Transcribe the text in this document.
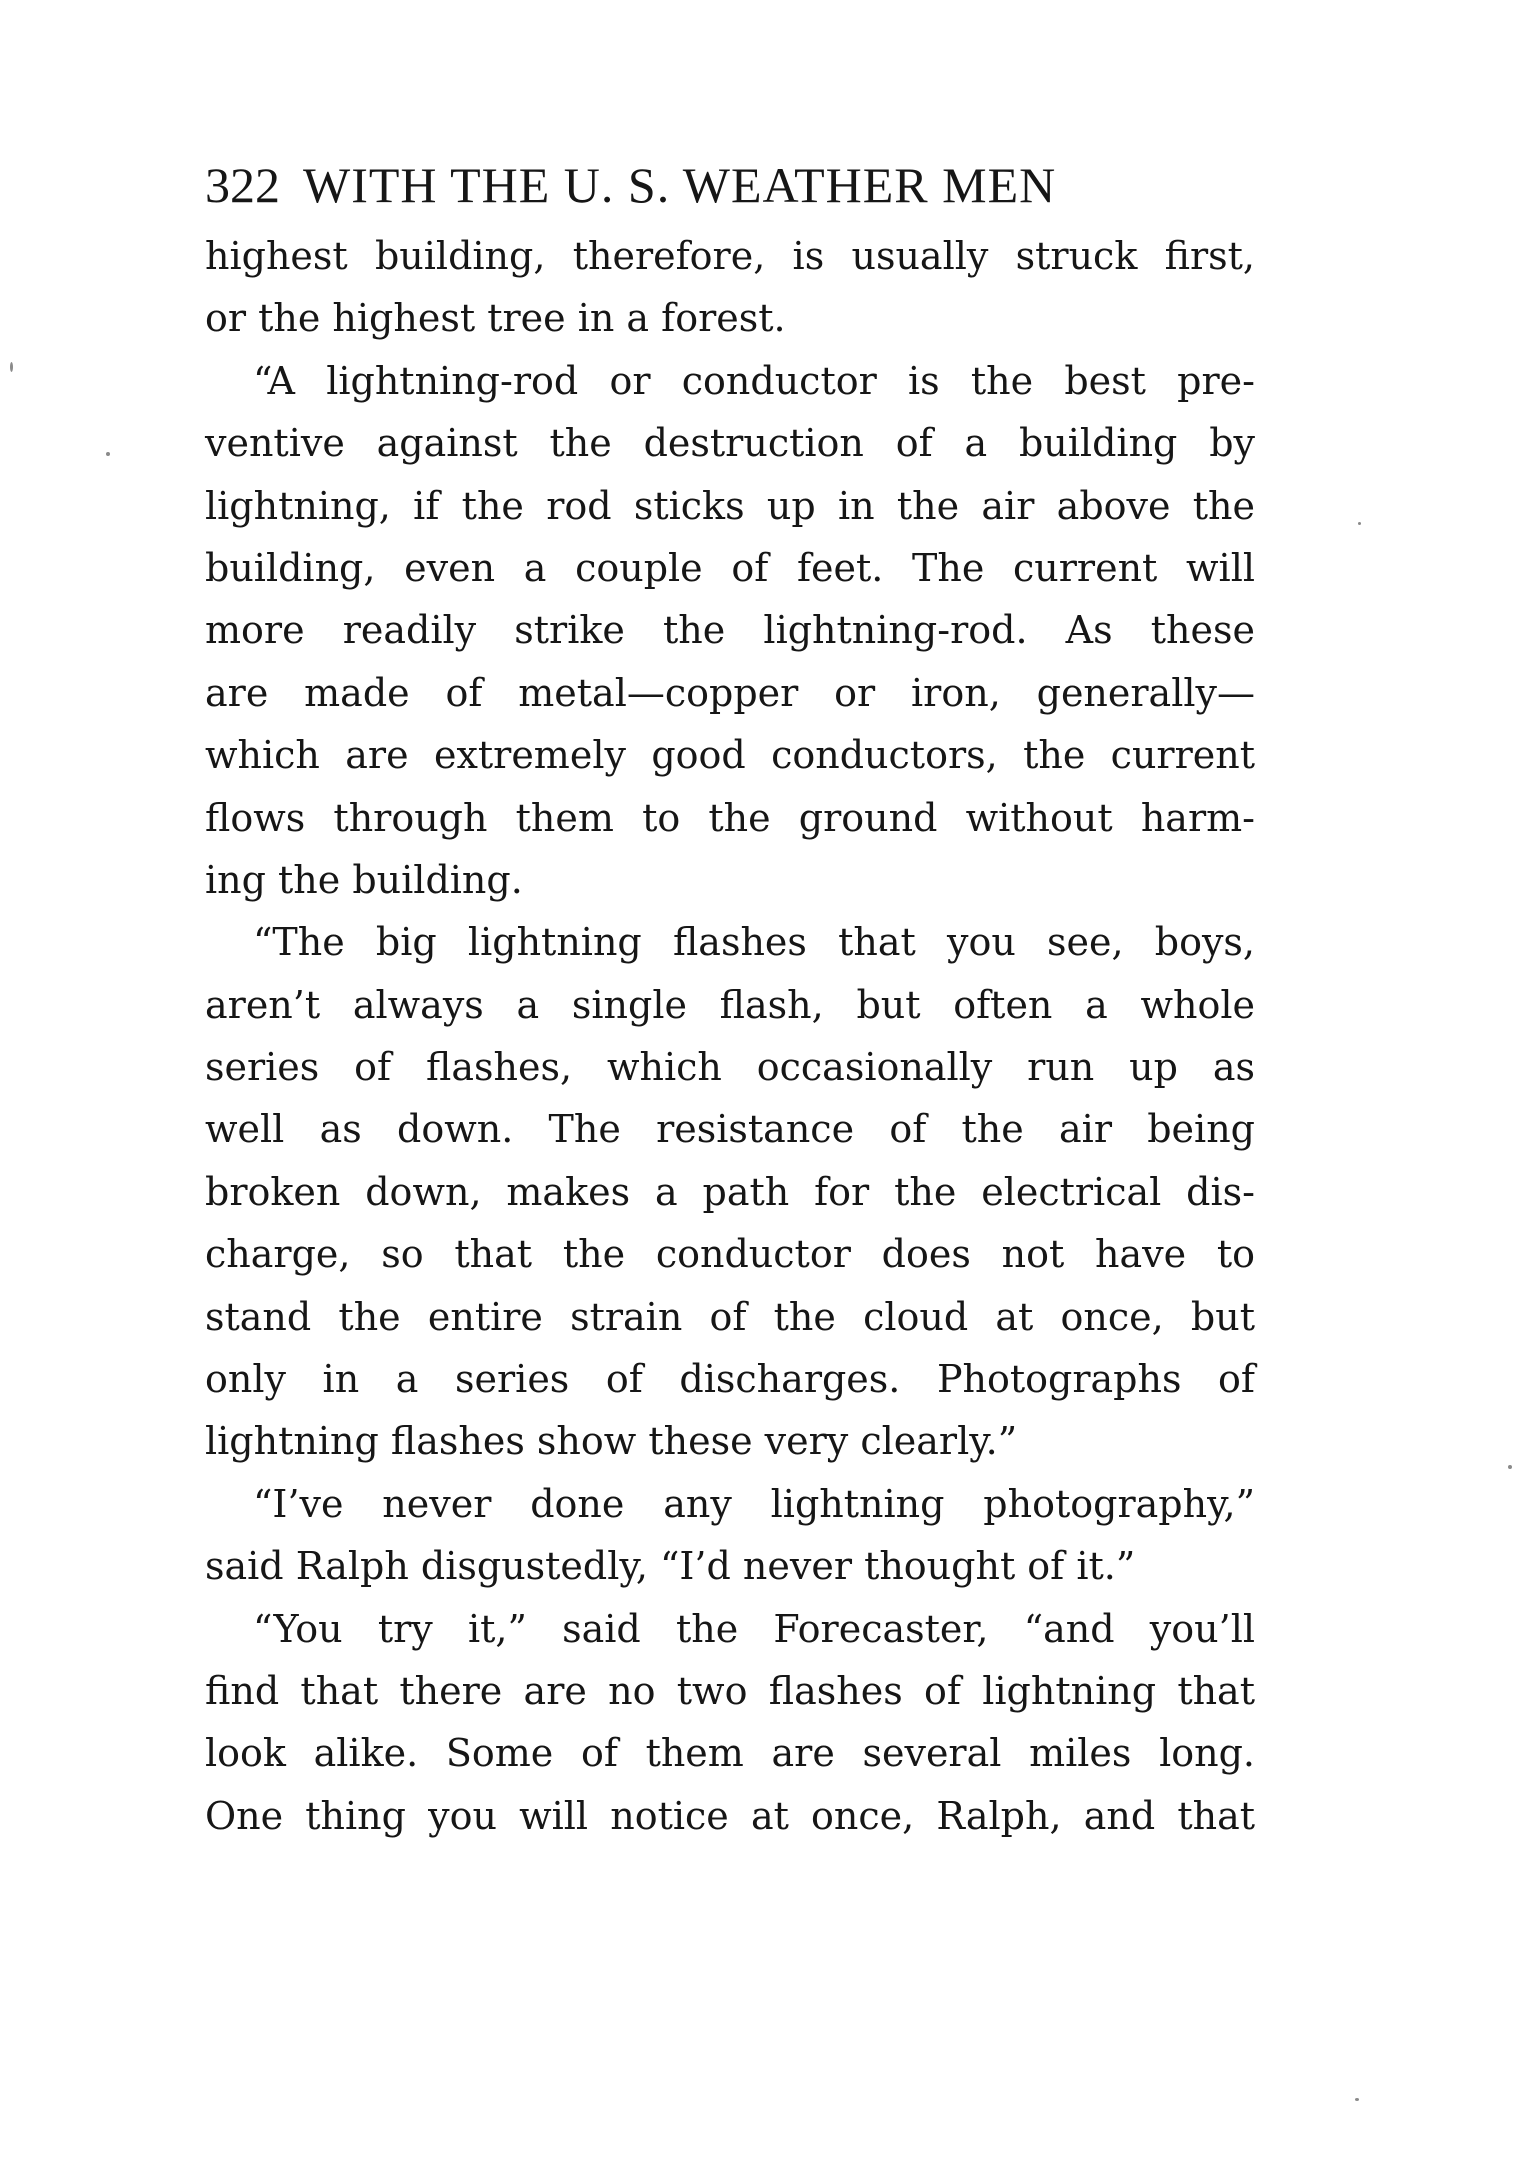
322 WITH THE U. S. WEATHER MEN
highest building, therefore, is usually struck first,
or the highest tree in a forest.
“A lightning-rod or conductor is the best pre-
ventive against the destruction of a building by
lightning, if the rod sticks up in the air above the
building, even a couple of feet. The current will
more readily strike the lightning-rod. As these
are made of metal—copper or iron, generally—
which are extremely good conductors, the current
flows through them to the ground without harm-
ing the building.
“The big lightning flashes that you see, boys,
aren’t always a single flash, but often a whole
series of flashes, which occasionally run up as
well as down. The resistance of the air being
broken down, makes a path for the electrical dis-
charge, so that the conductor does not have to
stand the entire strain of the cloud at once, but
only in a series of discharges. Photographs of
lightning flashes show these very clearly.”
“I’ve never done any lightning photography,”
said Ralph disgustedly, “I’d never thought of it.”
“You try it,” said the Forecaster, “and you’ll
find that there are no two flashes of lightning that
look alike. Some of them are several miles long.
One thing you will notice at once, Ralph, and that
